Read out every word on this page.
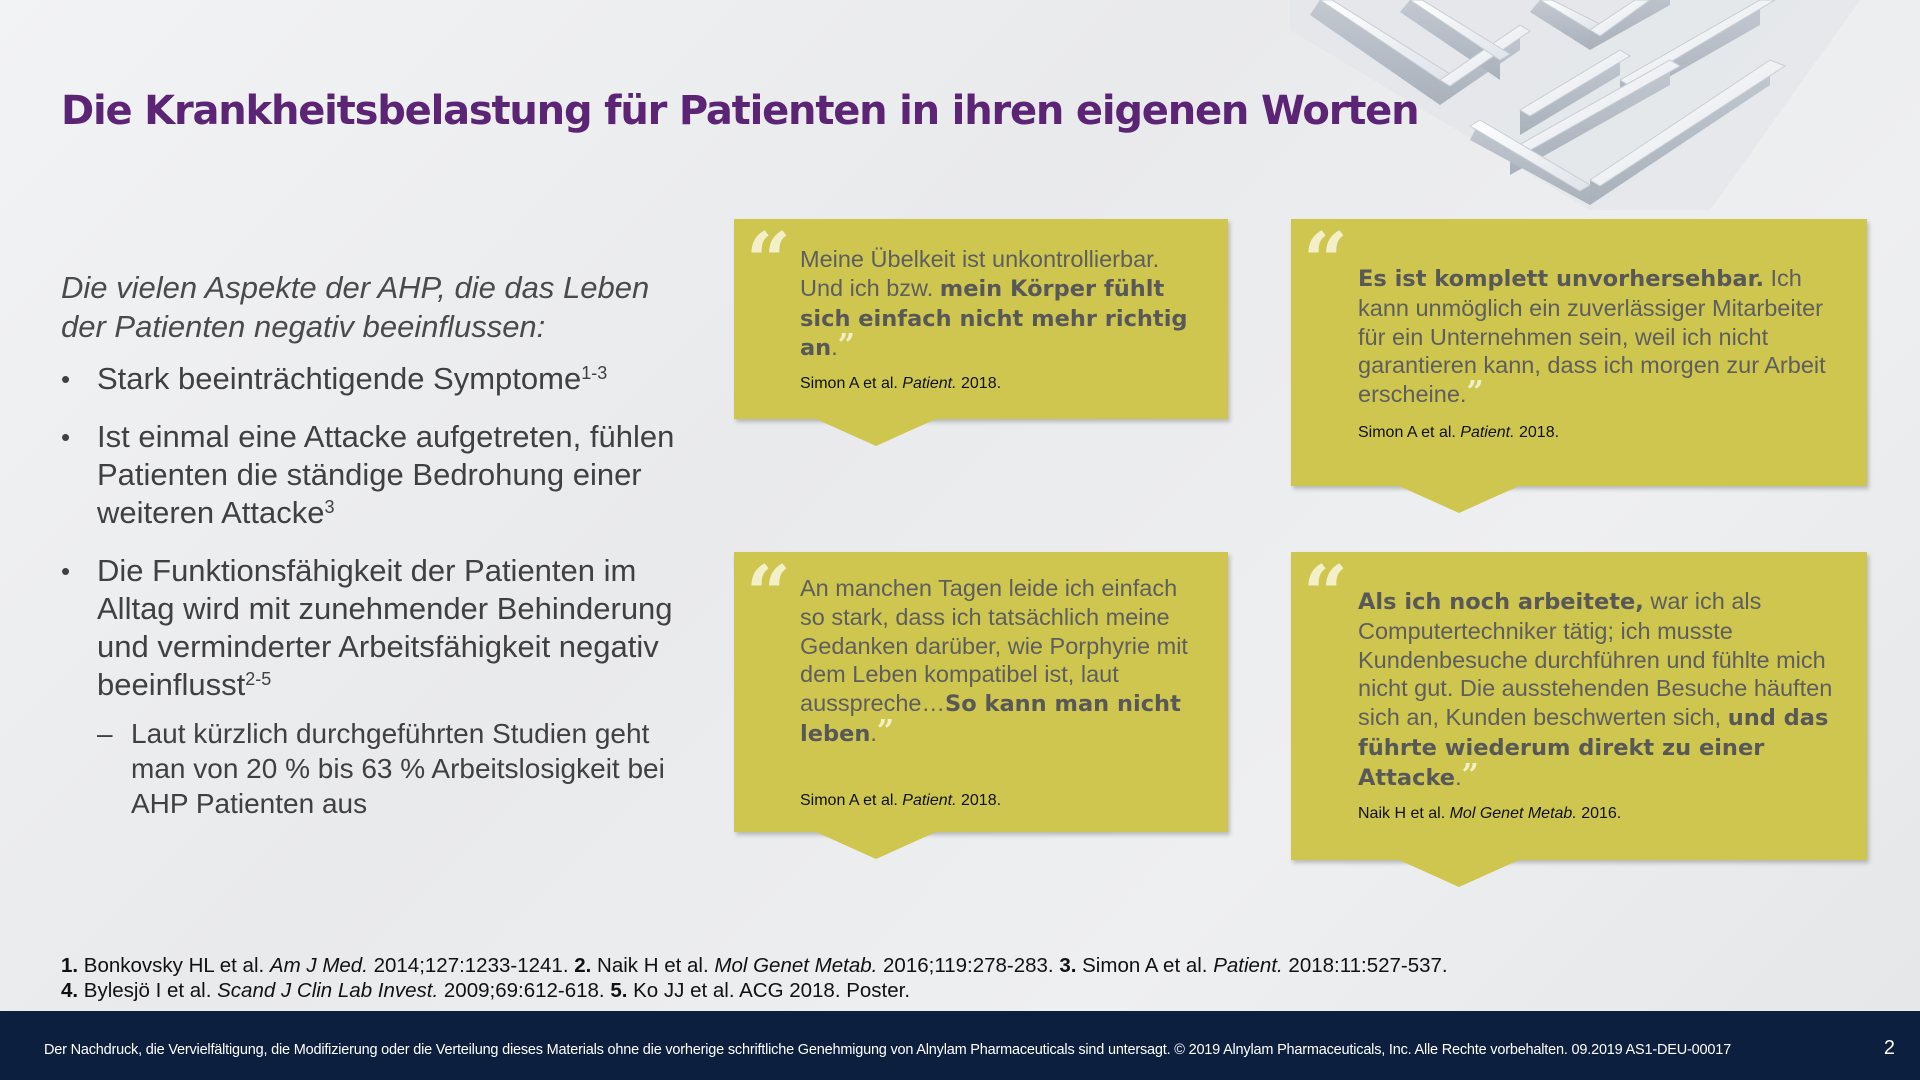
Die Krankheitsbelastung für Patienten in ihren eigenen Worten

Die vielen Aspekte der AHP, die das Leben der Patienten negativ beeinflussen:

• Stark beeinträchtigende Symptome$^{1-3}$
• Ist einmal eine Attacke aufgetreten, fühlen Patienten die ständige Bedrohung einer weiteren Attacke$^3$
• Die Funktionsfähigkeit der Patienten im Alltag wird mit zunehmender Behinderung und verminderter Arbeitsfähigkeit negativ beeinflusst$^{2-5}$
– Laut kürzlich durchgeführten Studien geht man von 20 % bis 63 % Arbeitslosigkeit bei AHP Patienten aus
“ Meine Übelkeit ist unkontrollierbar. Und ich bzw. mein Körper fühlt sich einfach nicht mehr richtig an.”
Simon A et al. Patient. 2018.
“ Es ist komplett unvorhersehbar. Ich kann unmöglich ein zuverlässiger Mitarbeiter für ein Unternehmen sein, weil ich nicht garantieren kann, dass ich morgen zur Arbeit erscheine.”
Simon A et al. Patient. 2018.
“ An manchen Tagen leide ich einfach so stark, dass ich tatsächlich meine Gedanken darüber, wie Porphyrie mit dem Leben kompatibel ist, laut ausspreche…So kann man nicht leben.”
Simon A et al. Patient. 2018.
“ Als ich noch arbeitete, war ich als Computertechniker tätig; ich musste Kundenbesuche durchführen und fühlte mich nicht gut. Die ausstehenden Besuche häuften sich an, Kunden beschwerten sich, und das führte wiederum direkt zu einer Attacke.”
Naik H et al. Mol Genet Metab. 2016.
1. Bonkovsky HL et al. Am J Med. 2014;127:1233-1241. 2. Naik H et al. Mol Genet Metab. 2016;119:278-283. 3. Simon A et al. Patient. 2018:11:527-537.
4. Bylesjö I et al. Scand J Clin Lab Invest. 2009;69:612-618. 5. Ko JJ et al. ACG 2018. Poster.
Der Nachdruck, die Vervielfältigung, die Modifizierung oder die Verteilung dieses Materials ohne die vorherige schriftliche Genehmigung von Alnylam Pharmaceuticals sind untersagt. © 2019 Alnylam Pharmaceuticals, Inc. Alle Rechte vorbehalten. 09.2019 AS1-DEU-00017	2
